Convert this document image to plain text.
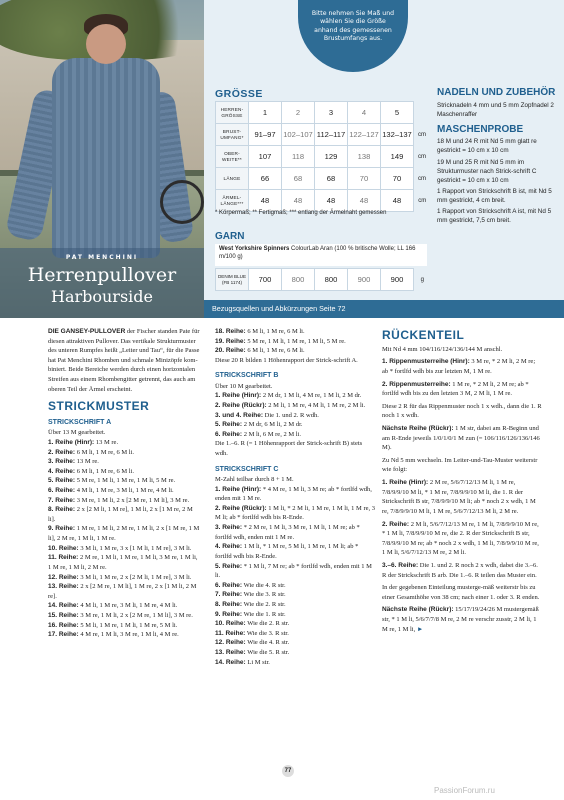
PAT MENCHINI
Herrenpullover
Harbourside
Bitte nehmen Sie Maß und wählen Sie die Größe anhand des gemessenen Brustumfangs aus.
GRÖSSE
HERREN-GRÖSSE	1	2	3	4	5	
BRUST-UMFANG*	91–97	102–107	112–117	122–127	132–137	cm
OBER-WEITE**	107	118	129	138	149	cm
LÄNGE	66	68	68	70	70	cm
ÄRMEL-LÄNGE***	48	48	48	48	48	cm
* Körpermaß; ** Fertigmaß; *** entlang der Ärmelnaht gemessen
GARN
West Yorkshire Spinners ColourLab Aran (100 % britische Wolle; LL 166 m/100 g)
DENIM BLUE (FB 1174)	700	800	800	900	900	g
Bezugsquellen und Abkürzungen Seite 72
NADELN UND ZUBEHÖR

Stricknadeln 4 mm und 5 mm Zopfnadel 2 Maschenraffer

MASCHENPROBE

18 M und 24 R mit Nd 5 mm glatt re gestrickt = 10 cm x 10 cm

19 M und 25 R mit Nd 5 mm im Strukturmuster nach Strick-schrift C gestrickt = 10 cm x 10 cm

1 Rapport von Strickschrift B ist, mit Nd 5 mm gestrickt, 4 cm breit.

1 Rapport von Strickschrift A ist, mit Nd 5 mm gestrickt, 7,5 cm breit.

DIE GANSEY-PULLOVER der Fischer standen Pate für diesen attraktiven Pullover. Das vertikale Strukturmuster des unteren Rumpfes heißt „Leiter und Tau“, für die Passe hat Pat Menchini Rhomben und schmale Minizöpfe kom-biniert. Beide Bereiche werden durch einen horizontalen Streifen aus einem Rhombengitter getrennt, das auch am oberen Teil der Ärmel erscheint.

STRICKMUSTER
STRICKSCHRIFT A
Über 13 M gearbeitet.
1. Reihe (Hinr): 13 M re.
2. Reihe: 6 M li, 1 M re, 6 M li.
3. Reihe: 13 M re.
4. Reihe: 6 M li, 1 M re, 6 M li.
5. Reihe: 5 M re, 1 M li, 1 M re, 1 M li, 5 M re.
6. Reihe: 4 M li, 1 M re, 3 M li, 1 M re, 4 M li.
7. Reihe: 3 M re, 1 M li, 2 x [2 M re, 1 M li], 3 M re.
8. Reihe: 2 x [2 M li, 1 M re], 1 M li, 2 x [1 M re, 2 M li].
9. Reihe: 1 M re, 1 M li, 2 M re, 1 M li, 2 x [1 M re, 1 M li], 2 M re, 1 M li, 1 M re.
10. Reihe: 3 M li, 1 M re, 3 x [1 M li, 1 M re], 3 M li.
11. Reihe: 2 M re, 1 M li, 1 M re, 1 M li, 3 M re, 1 M li, 1 M re, 1 M li, 2 M re.
12. Reihe: 3 M li, 1 M re, 2 x [2 M li, 1 M re], 3 M li.
13. Reihe: 2 x [2 M re, 1 M li], 1 M re, 2 x [1 M li, 2 M re].
14. Reihe: 4 M li, 1 M re, 3 M li, 1 M re, 4 M li.
15. Reihe: 3 M re, 1 M li, 2 x [2 M re, 1 M li], 3 M re.
16. Reihe: 5 M li, 1 M re, 1 M li, 1 M re, 5 M li.
17. Reihe: 4 M re, 1 M li, 3 M re, 1 M li, 4 M re.
18. Reihe: 6 M li, 1 M re, 6 M li.
19. Reihe: 5 M re, 1 M li, 1 M re, 1 M li, 5 M re.
20. Reihe: 6 M li, 1 M re, 6 M li.

Diese 20 R bilden 1 Höhenrapport der Strick-schrift A.

STRICKSCHRIFT B
Über 10 M gearbeitet.
1. Reihe (Hinr): 2 M dr, 1 M li, 4 M re, 1 M li, 2 M dr.
2. Reihe (Rückr): 2 M li, 1 M re, 4 M li, 1 M re, 2 M li.
3. und 4. Reihe: Die 1. und 2. R wdh.
5. Reihe: 2 M dr, 6 M li, 2 M dr.
6. Reihe: 2 M li, 6 M re, 2 M li.

Die 1.–6. R (= 1 Höhenrapport der Strick-schrift B) stets wdh.

STRICKSCHRIFT C
M-Zahl teilbar durch 8 + 1 M.
1. Reihe (Hinr): * 4 M re, 1 M li, 3 M re; ab * fortlfd wdh, enden mit 1 M re.
2. Reihe (Rückr): 1 M li, * 2 M li, 1 M re, 1 M li, 1 M re, 3 M li; ab * fortlfd wdh bis R-Ende.
3. Reihe: * 2 M re, 1 M li, 3 M re, 1 M li, 1 M re; ab * fortlfd wdh, enden mit 1 M re.
4. Reihe: 1 M li, * 1 M re, 5 M li, 1 M re, 1 M li; ab * fortlfd wdh bis R-Ende.
5. Reihe: * 1 M li, 7 M re; ab * fortlfd wdh, enden mit 1 M li.
6. Reihe: Wie die 4. R str.
7. Reihe: Wie die 3. R str.
8. Reihe: Wie die 2. R str.
9. Reihe: Wie die 1. R str.
10. Reihe: Wie die 2. R str.
11. Reihe: Wie die 3. R str.
12. Reihe: Wie die 4. R str.
13. Reihe: Wie die 5. R str.
14. Reihe: Li M str.
RÜCKENTEIL

Mit Nd 4 mm 104/116/124/136/144 M anschl.

1. Rippenmusterreihe (Hinr): 3 M re, * 2 M li, 2 M re; ab * fortlfd wdh bis zur letzten M, 1 M re.

2. Rippenmusterreihe: 1 M re, * 2 M li, 2 M re; ab * fortlfd wdh bis zu den letzten 3 M, 2 M li, 1 M re.

Diese 2 R für das Rippenmuster noch 1 x wdh., dann die 1. R noch 1 x wdh.

Nächste Reihe (Rückr): 1 M str, dabei am R-Beginn und am R-Ende jeweils 1/0/1/0/1 M zun (= 106/116/126/136/146 M).

Zu Nd 5 mm wechseln. Im Leiter-und-Tau-Muster weiterstr wie folgt:

1. Reihe (Hinr): 2 M re, 5/6/7/12/13 M li, 1 M re, 7/8/9/9/10 M li, * 1 M re, 7/8/9/9/10 M li, die 1. R der Strickschrift B str, 7/8/9/9/10 M li; ab * noch 2 x wdh, 1 M re, 7/8/9/9/10 M li, 1 M re, 5/6/7/12/13 M li, 2 M re.

2. Reihe: 2 M li, 5/6/7/12/13 M re, 1 M li, 7/8/9/9/10 M re, * 1 M li, 7/8/9/9/10 M re, die 2. R der Strickschrift B str, 7/8/9/9/10 M re; ab * noch 2 x wdh, 1 M li, 7/8/9/9/10 M re, 1 M li, 5/6/7/12/13 M re, 2 M li.

3.–6. Reihe: Die 1. und 2. R noch 2 x wdh, dabei die 3.–6. R der Strickschrift B arb. Die 1.–6. R teilen das Muster ein.

In der gegebenen Einteilung musterge-mäß weiterstr bis zu einer Gesamthöhe von 38 cm; nach einer 1. oder 3. R enden.

Nächste Reihe (Rückr): 15/17/19/24/26 M mustergemäß str, * 1 M li, 5/6/7/7/8 M re, 2 M re verschr zusstr, 2 M li, 1 M re, 1 M li, ►

77
PassionForum.ru
